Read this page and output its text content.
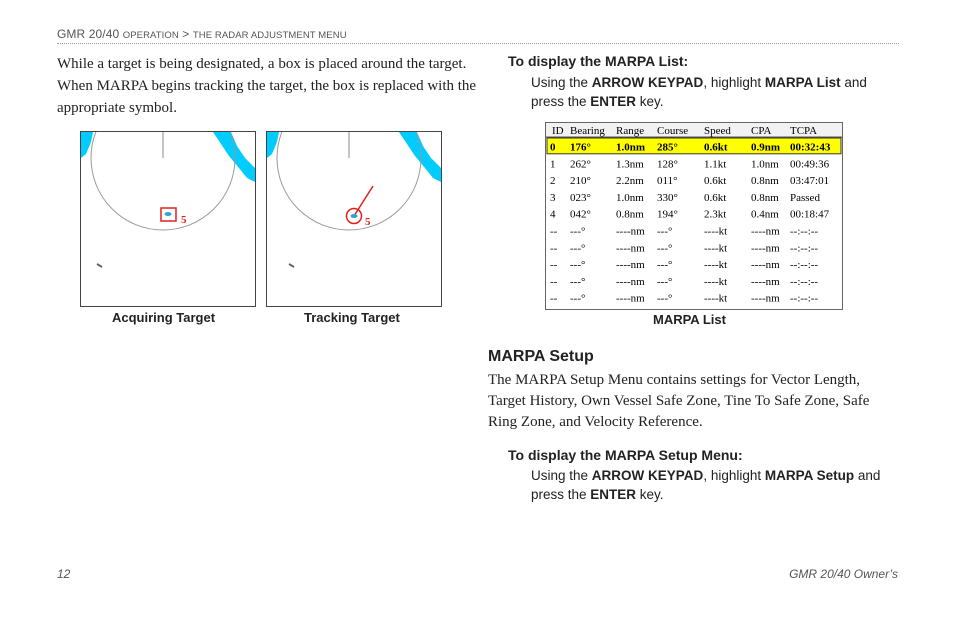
GMR 20/40 OPERATION > THE RADAR ADJUSTMENT MENU
While a target is being designated, a box is placed around the target. When MARPA begins tracking the target, the box is replaced with the appropriate symbol.
5
Acquiring Target
5
Tracking Target
To display the MARPA List:
Using the ARROW KEYPAD, highlight MARPA List and press the ENTER key.
ID Bearing Range Course Speed CPA TCPA
0 176° 1.0nm 285° 0.6kt 0.9nm 00:32:43
1 262° 1.3nm 128° 1.1kt 1.0nm 00:49:36
2 210° 2.2nm 011° 0.6kt 0.8nm 03:47:01
3 023° 1.0nm 330° 0.6kt 0.8nm Passed
4 042° 0.8nm 194° 2.3kt 0.4nm 00:18:47
-- ---°	----nm ---°	----kt ----nm --:--:--
-- ---°	----nm ---°	----kt ----nm --:--:--
-- ---°	----nm ---°	----kt ----nm --:--:--
-- ---°	----nm ---°	----kt ----nm --:--:--
-- ---°	----nm ---°	----kt ----nm --:--:--
MARPA List
MARPA Setup
The MARPA Setup Menu contains settings for Vector Length, Target History, Own Vessel Safe Zone, Tine To Safe Zone, Safe Ring Zone, and Velocity Reference.
To display the MARPA Setup Menu:
Using the ARROW KEYPAD, highlight MARPA Setup and press the ENTER key.
12	GMR 20/40 Owner’s
